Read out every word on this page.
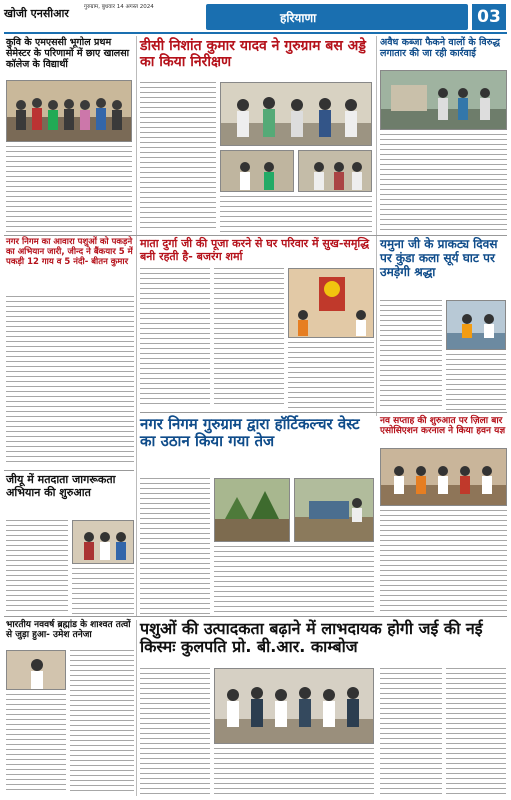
खोजी एनसीआर	गुरुग्राम, बुधवार 14 अगस्त 2024
हरियाणा	03
कुवि के एमएससी भूगोल प्रथम सेमेस्टर के परिणामों में छाए खालसा कॉलेज के विद्यार्थी
डीसी निशांत कुमार यादव ने गुरुग्राम बस अड्डे का किया निरीक्षण
अवैध कब्जा फैकने वालों के विरुद्ध लगातार की जा रही कार्रवाई
नगर निगम का आवारा पशुओं को पकड़ने का अभियान जारी, जीन्द ने बैंकयार 5 में पकड़ी 12 गाय व 5 नंदी- बीतन कुमार
माता दुर्गा जी की पूजा करने से घर परिवार में सुख-समृद्धि बनी रहती है- बजरंग शर्मा
यमुना जी के प्राकट्य दिवस पर कुंडा कला सूर्य घाट पर उमड़ेगी श्रद्धा
जीयू में मतदाता जागरूकता अभियान की शुरुआत
नगर निगम गुरुग्राम द्वारा हॉर्टिकल्चर वेस्ट का उठान किया गया तेज
नव सप्ताह की शुरुआत पर ज़िला बार एसोसिएशन करनाल ने किया हवन यज्ञ
भारतीय नववर्ष ब्रह्मांड के शाश्वत तत्वों से जुड़ा हुआ- उमेश तनेजा	पशुओं की उत्पादकता बढ़ाने में लाभदायक होगी जई की नई किस्मः कुलपति प्रो. बी.आर. काम्बोज
